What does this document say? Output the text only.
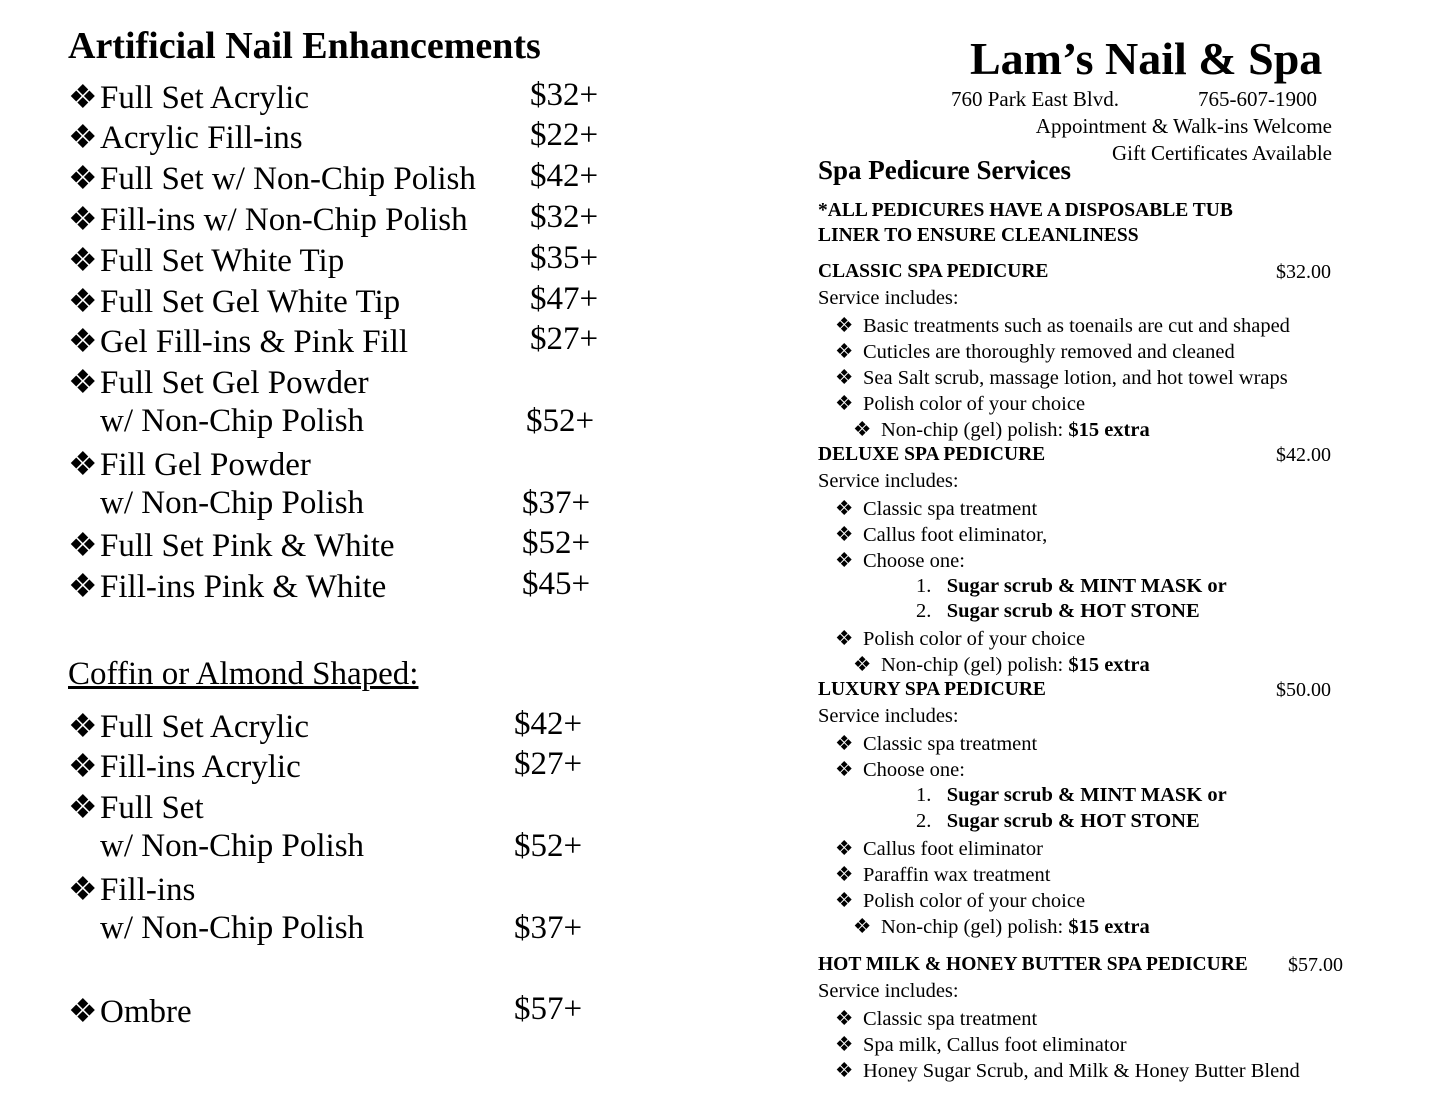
Artificial Nail Enhancements
❖Full Set Acrylic	$32+
❖Acrylic Fill-ins	$22+
❖Full Set w/ Non-Chip Polish $42+
❖Fill-ins w/ Non-Chip Polish $32+
❖Full Set White Tip	$35+
❖Full Set Gel White Tip	$47+
❖Gel Fill-ins & Pink Fill	$27+
❖Full Set Gel Powder
w/ Non-Chip Polish	$52+
❖Fill Gel Powder
w/ Non-Chip Polish	$37+
❖Full Set Pink & White	$52+
❖Fill-ins Pink & White	$45+
Coffin or Almond Shaped:
❖Full Set Acrylic	$42+
❖Fill-ins Acrylic	$27+
❖Full Set
w/ Non-Chip Polish	$52+
❖Fill-ins
w/ Non-Chip Polish	$37+
❖Ombre	$57+
Lam’s Nail & Spa
760 Park East Blvd.	765-607-1900
Appointment & Walk-ins Welcome
Gift Certificates Available
Spa Pedicure Services
*ALL PEDICURES HAVE A DISPOSABLE TUB
LINER TO ENSURE CLEANLINESS
CLASSIC SPA PEDICURE	$32.00
Service includes:
❖ Basic treatments such as toenails are cut and shaped
❖ Cuticles are thoroughly removed and cleaned
❖ Sea Salt scrub, massage lotion, and hot towel wraps
❖ Polish color of your choice
❖ Non-chip (gel) polish: $15 extra
DELUXE SPA PEDICURE	$42.00
Service includes:
❖ Classic spa treatment
❖ Callus foot eliminator,
❖ Choose one:
1. Sugar scrub & MINT MASK or
2. Sugar scrub & HOT STONE
❖ Polish color of your choice
❖ Non-chip (gel) polish: $15 extra
LUXURY SPA PEDICURE	$50.00
Service includes:
❖ Classic spa treatment
❖ Choose one:
1. Sugar scrub & MINT MASK or
2. Sugar scrub & HOT STONE
❖ Callus foot eliminator
❖ Paraffin wax treatment
❖ Polish color of your choice
❖ Non-chip (gel) polish: $15 extra
HOT MILK & HONEY BUTTER SPA PEDICURE $57.00
Service includes:
❖ Classic spa treatment
❖ Spa milk, Callus foot eliminator
❖ Honey Sugar Scrub, and Milk & Honey Butter Blend
